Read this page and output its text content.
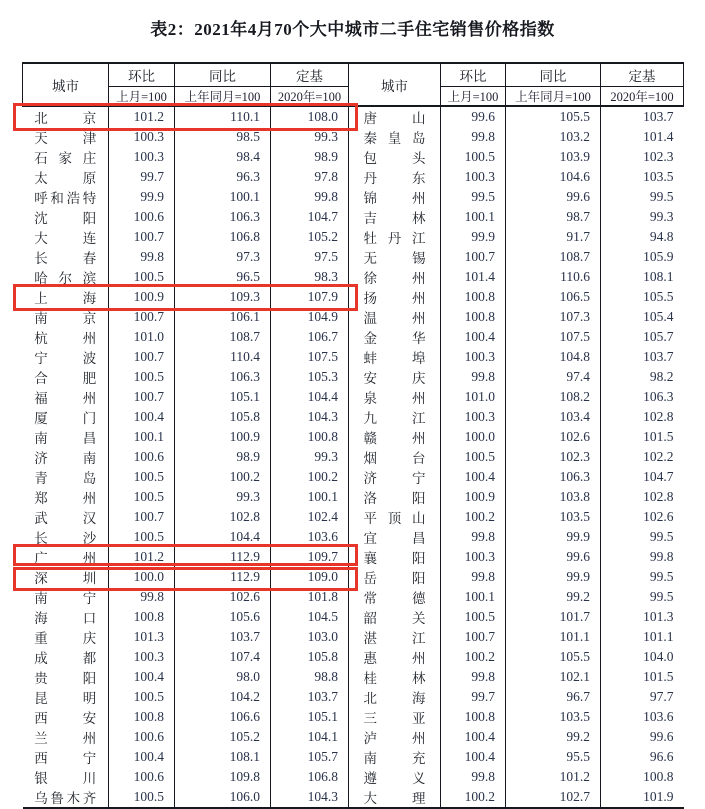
表2：2021年4月70个大中城市二手住宅销售价格指数
城市	环比	同比	定基	城市	环比	同比	定基
	上月=100	上年同月=100	2020年=100		上月=100	上年同月=100	2020年=100
北京	101.2	110.1	108.0	唐山	99.6	105.5	103.7
天津	100.3	98.5	99.3	秦皇岛	99.8	103.2	101.4
石家庄	100.3	98.4	98.9	包头	100.5	103.9	102.3
太原	99.7	96.3	97.8	丹东	100.3	104.6	103.5
呼和浩特	99.9	100.1	99.8	锦州	99.5	99.6	99.5
沈阳	100.6	106.3	104.7	吉林	100.1	98.7	99.3
大连	100.7	106.8	105.2	牡丹江	99.9	91.7	94.8
长春	99.8	97.3	97.5	无锡	100.7	108.7	105.9
哈尔滨	100.5	96.5	98.3	徐州	101.4	110.6	108.1
上海	100.9	109.3	107.9	扬州	100.8	106.5	105.5
南京	100.7	106.1	104.9	温州	100.8	107.3	105.4
杭州	101.0	108.7	106.7	金华	100.4	107.5	105.7
宁波	100.7	110.4	107.5	蚌埠	100.3	104.8	103.7
合肥	100.5	106.3	105.3	安庆	99.8	97.4	98.2
福州	100.7	105.1	104.4	泉州	101.0	108.2	106.3
厦门	100.4	105.8	104.3	九江	100.3	103.4	102.8
南昌	100.1	100.9	100.8	赣州	100.0	102.6	101.5
济南	100.6	98.9	99.3	烟台	100.5	102.3	102.2
青岛	100.5	100.2	100.2	济宁	100.4	106.3	104.7
郑州	100.5	99.3	100.1	洛阳	100.9	103.8	102.8
武汉	100.7	102.8	102.4	平顶山	100.2	103.5	102.6
长沙	100.5	104.4	103.6	宜昌	99.8	99.9	99.5
广州	101.2	112.9	109.7	襄阳	100.3	99.6	99.8
深圳	100.0	112.9	109.0	岳阳	99.8	99.9	99.5
南宁	99.8	102.6	101.8	常德	100.1	99.2	99.5
海口	100.8	105.6	104.5	韶关	100.5	101.7	101.3
重庆	101.3	103.7	103.0	湛江	100.7	101.1	101.1
成都	100.3	107.4	105.8	惠州	100.2	105.5	104.0
贵阳	100.4	98.0	98.8	桂林	99.8	102.1	101.5
昆明	100.5	104.2	103.7	北海	99.7	96.7	97.7
西安	100.8	106.6	105.1	三亚	100.8	103.5	103.6
兰州	100.6	105.2	104.1	泸州	100.4	99.2	99.6
西宁	100.4	108.1	105.7	南充	100.4	95.5	96.6
银川	100.6	109.8	106.8	遵义	99.8	101.2	100.8
乌鲁木齐	100.5	106.0	104.3	大理	100.2	102.7	101.9
